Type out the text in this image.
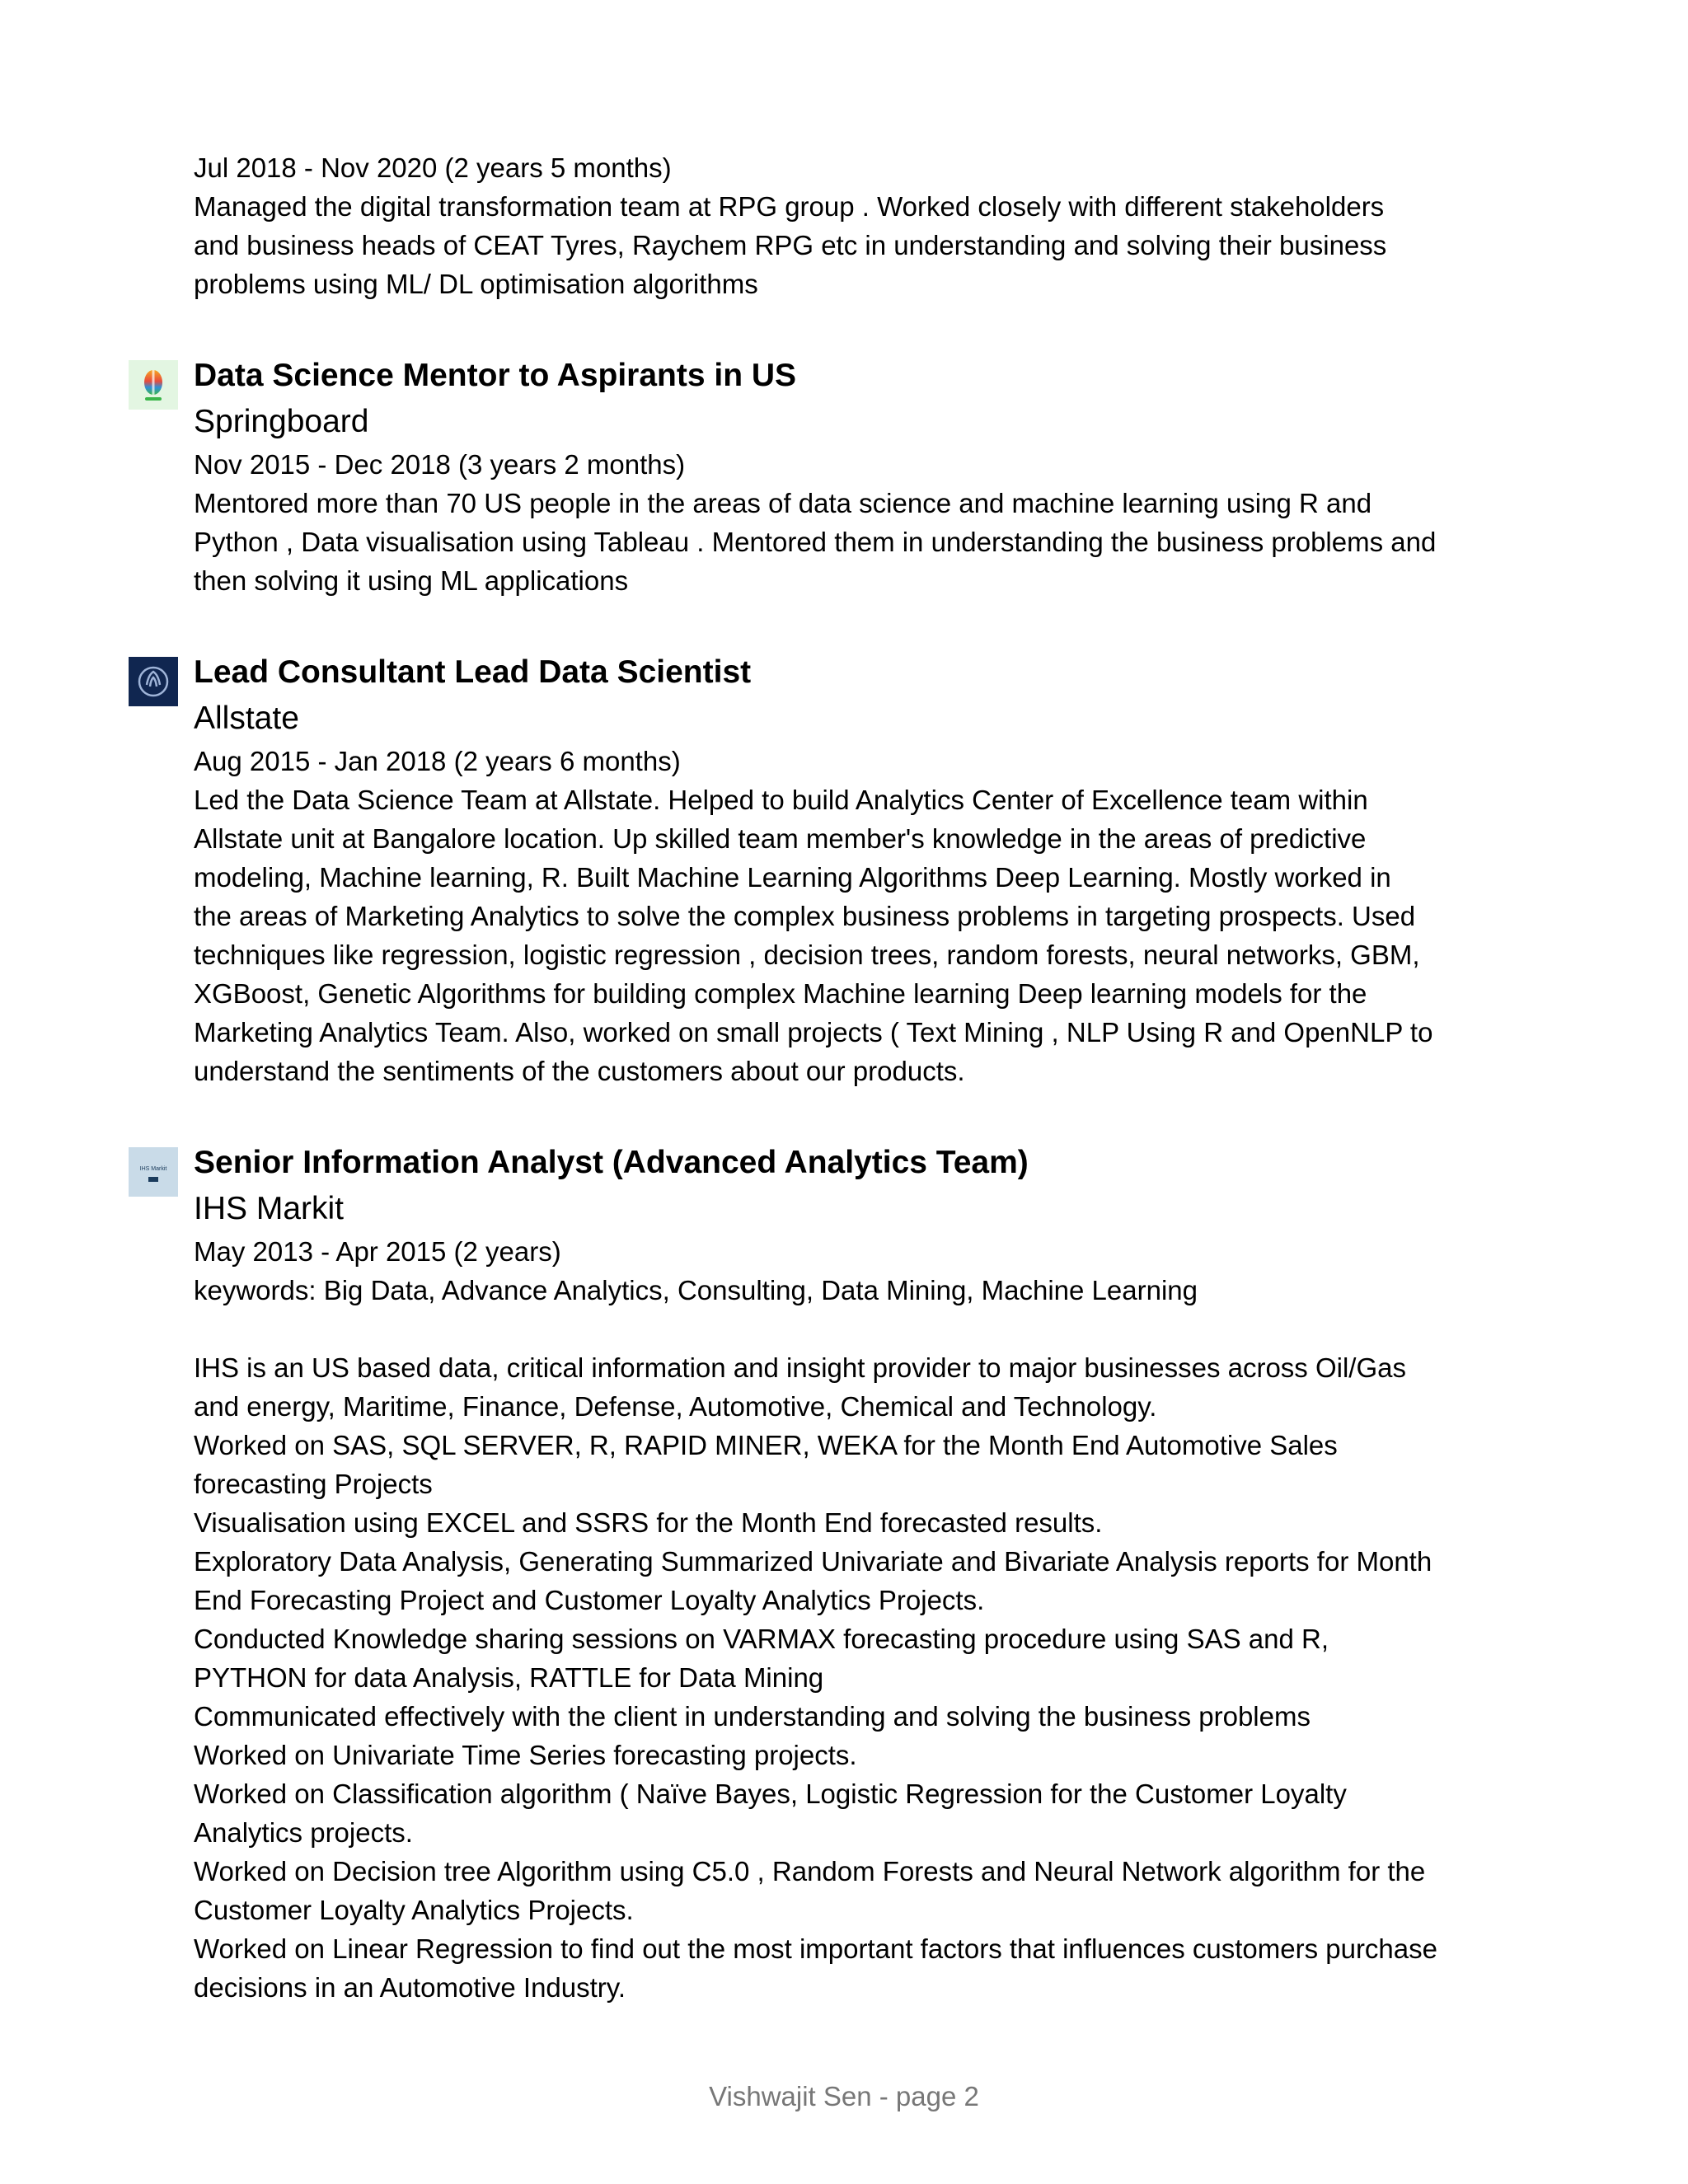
Jul 2018 - Nov 2020 (2 years 5 months)
Managed the digital transformation team at RPG group . Worked closely with different stakeholders
and business heads of CEAT Tyres, Raychem RPG etc in understanding and solving their business
problems using ML/ DL optimisation algorithms
Data Science Mentor to Aspirants in US
Springboard
Nov 2015 - Dec 2018 (3 years 2 months)
Mentored more than 70 US people in the areas of data science and machine learning using R and
Python , Data visualisation using Tableau . Mentored them in understanding the business problems and
then solving it using ML applications
Lead Consultant Lead Data Scientist
Allstate
Aug 2015 - Jan 2018 (2 years 6 months)
Led the Data Science Team at Allstate. Helped to build Analytics Center of Excellence team within
Allstate unit at Bangalore location. Up skilled team member's knowledge in the areas of predictive
modeling, Machine learning, R. Built Machine Learning Algorithms Deep Learning. Mostly worked in
the areas of Marketing Analytics to solve the complex business problems in targeting prospects. Used
techniques like regression, logistic regression , decision trees, random forests, neural networks, GBM,
XGBoost, Genetic Algorithms for building complex Machine learning Deep learning models for the
Marketing Analytics Team. Also, worked on small projects ( Text Mining , NLP Using R and OpenNLP to
understand the sentiments of the customers about our products.
IHS Markit Senior Information Analyst (Advanced Analytics Team)
IHS Markit
May 2013 - Apr 2015 (2 years)
keywords: Big Data, Advance Analytics, Consulting, Data Mining, Machine Learning
IHS is an US based data, critical information and insight provider to major businesses across Oil/Gas
and energy, Maritime, Finance, Defense, Automotive, Chemical and Technology.
Worked on SAS, SQL SERVER, R, RAPID MINER, WEKA for the Month End Automotive Sales
forecasting Projects
Visualisation using EXCEL and SSRS for the Month End forecasted results.
Exploratory Data Analysis, Generating Summarized Univariate and Bivariate Analysis reports for Month
End Forecasting Project and Customer Loyalty Analytics Projects.
Conducted Knowledge sharing sessions on VARMAX forecasting procedure using SAS and R,
PYTHON for data Analysis, RATTLE for Data Mining
Communicated effectively with the client in understanding and solving the business problems
Worked on Univariate Time Series forecasting projects.
Worked on Classification algorithm ( Naïve Bayes, Logistic Regression for the Customer Loyalty
Analytics projects.
Worked on Decision tree Algorithm using C5.0 , Random Forests and Neural Network algorithm for the
Customer Loyalty Analytics Projects.
Worked on Linear Regression to find out the most important factors that influences customers purchase
decisions in an Automotive Industry.
Vishwajit Sen - page 2
